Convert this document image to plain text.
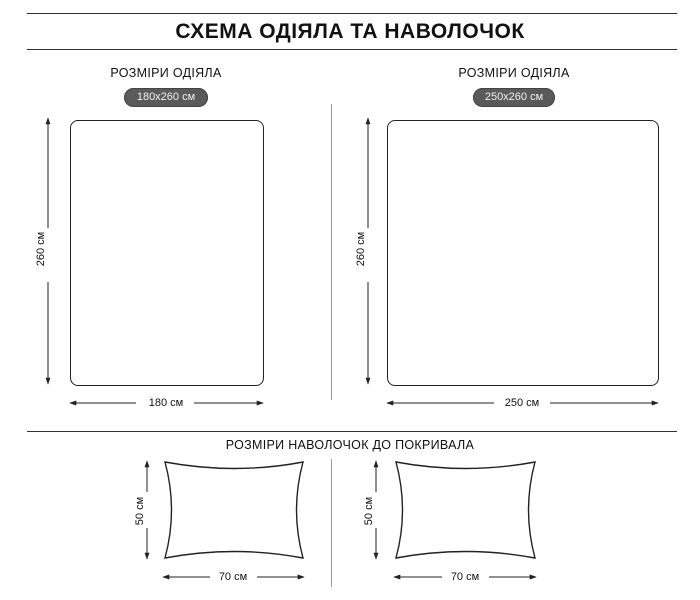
СХЕМА ОДІЯЛА ТА НАВОЛОЧОК
РОЗМІРИ ОДІЯЛА
180x260 см
260 см
180 см
РОЗМІРИ ОДІЯЛА
250x260 см
260 см
250 см
РОЗМІРИ НАВОЛОЧОК ДО ПОКРИВАЛА
50 см
70 см
50 см
70 см
